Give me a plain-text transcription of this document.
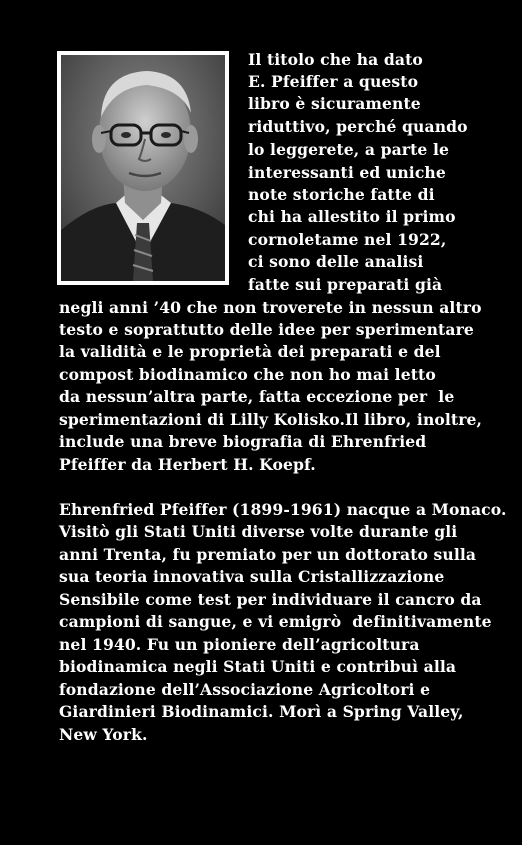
Il titolo che ha dato
E. Pfeiffer a questo
libro è sicuramente
riduttivo, perché quando
lo leggerete, a parte le
interessanti ed uniche
note storiche fatte di
chi ha allestito il primo
cornoletame nel 1922,
ci sono delle analisi
fatte sui preparati già
negli anni ’40 che non troverete in nessun altro
testo e soprattutto delle idee per sperimentare
la validità e le proprietà dei preparati e del
compost biodinamico che non ho mai letto
da nessun’altra parte, fatta eccezione per  le
sperimentazioni di Lilly Kolisko.Il libro, inoltre,
include una breve biografia di Ehrenfried
Pfeiffer da Herbert H. Koepf.
Ehrenfried Pfeiffer (1899-1961) nacque a Monaco.
Visitò gli Stati Uniti diverse volte durante gli
anni Trenta, fu premiato per un dottorato sulla
sua teoria innovativa sulla Cristallizzazione
Sensibile come test per individuare il cancro da
campioni di sangue, e vi emigrò  definitivamente
nel 1940. Fu un pioniere dell’agricoltura
biodinamica negli Stati Uniti e contribuì alla
fondazione dell’Associazione Agricoltori e
Giardinieri Biodinamici. Morì a Spring Valley,
New York.
